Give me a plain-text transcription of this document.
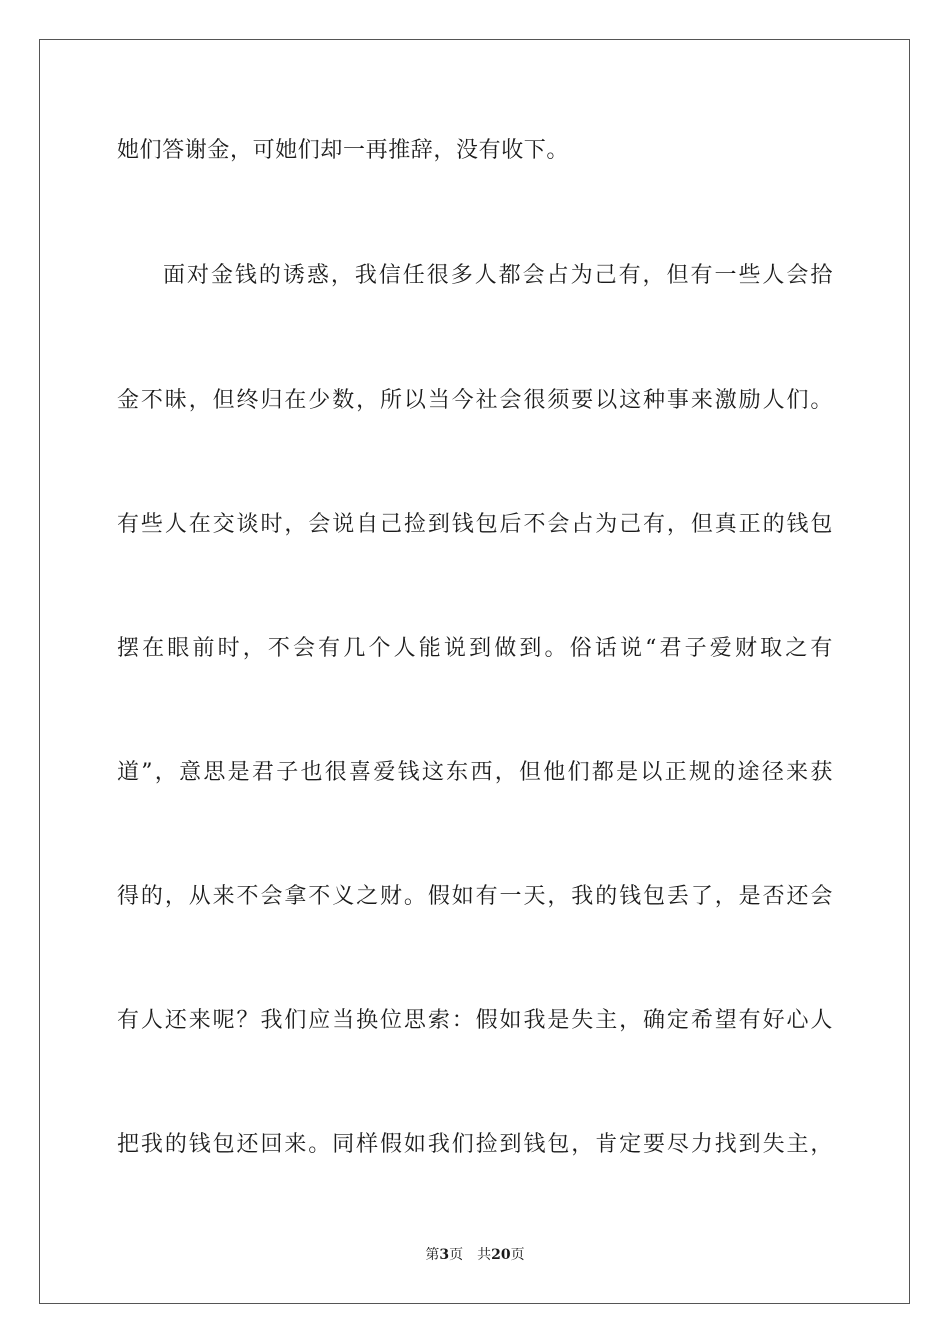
她们答谢金，可她们却一再推辞，没有收下。
面对金钱的诱惑，我信任很多人都会占为己有，但有一些人会拾
金不昧，但终归在少数，所以当今社会很须要以这种事来激励人们。
有些人在交谈时，会说自己捡到钱包后不会占为己有，但真正的钱包
摆在眼前时，不会有几个人能说到做到。俗话说“君子爱财取之有
道”，意思是君子也很喜爱钱这东西，但他们都是以正规的途径来获
得的，从来不会拿不义之财。假如有一天，我的钱包丢了，是否还会
有人还来呢？我们应当换位思索：假如我是失主，确定希望有好心人
把我的钱包还回来。同样假如我们捡到钱包，肯定要尽力找到失主，
第3页 共20页
